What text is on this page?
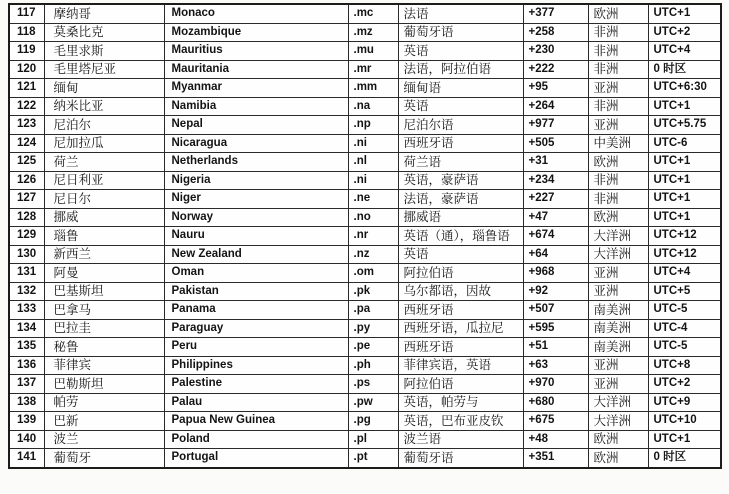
117	摩纳哥	Monaco	.mc	法语	+377	欧洲	UTC+1
118	莫桑比克	Mozambique	.mz	葡萄牙语	+258	非洲	UTC+2
119	毛里求斯	Mauritius	.mu	英语	+230	非洲	UTC+4
120	毛里塔尼亚	Mauritania	.mr	法语，阿拉伯语	+222	非洲	0 时区
121	缅甸	Myanmar	.mm	缅甸语	+95	亚洲	UTC+6:30
122	纳米比亚	Namibia	.na	英语	+264	非洲	UTC+1
123	尼泊尔	Nepal	.np	尼泊尔语	+977	亚洲	UTC+5.75
124	尼加拉瓜	Nicaragua	.ni	西班牙语	+505	中美洲	UTC-6
125	荷兰	Netherlands	.nl	荷兰语	+31	欧洲	UTC+1
126	尼日利亚	Nigeria	.ni	英语，豪萨语	+234	非洲	UTC+1
127	尼日尔	Niger	.ne	法语，豪萨语	+227	非洲	UTC+1
128	挪威	Norway	.no	挪威语	+47	欧洲	UTC+1
129	瑙鲁	Nauru	.nr	英语（通），瑙鲁语	+674	大洋洲	UTC+12
130	新西兰	New Zealand	.nz	英语	+64	大洋洲	UTC+12
131	阿曼	Oman	.om	阿拉伯语	+968	亚洲	UTC+4
132	巴基斯坦	Pakistan	.pk	乌尔都语，因故	+92	亚洲	UTC+5
133	巴拿马	Panama	.pa	西班牙语	+507	南美洲	UTC-5
134	巴拉圭	Paraguay	.py	西班牙语，瓜拉尼	+595	南美洲	UTC-4
135	秘鲁	Peru	.pe	西班牙语	+51	南美洲	UTC-5
136	菲律宾	Philippines	.ph	菲律宾语，英语	+63	亚洲	UTC+8
137	巴勒斯坦	Palestine	.ps	阿拉伯语	+970	亚洲	UTC+2
138	帕劳	Palau	.pw	英语，帕劳与	+680	大洋洲	UTC+9
139	巴新	Papua New Guinea	.pg	英语，巴布亚皮钦	+675	大洋洲	UTC+10
140	波兰	Poland	.pl	波兰语	+48	欧洲	UTC+1
141	葡萄牙	Portugal	.pt	葡萄牙语	+351	欧洲	0 时区
